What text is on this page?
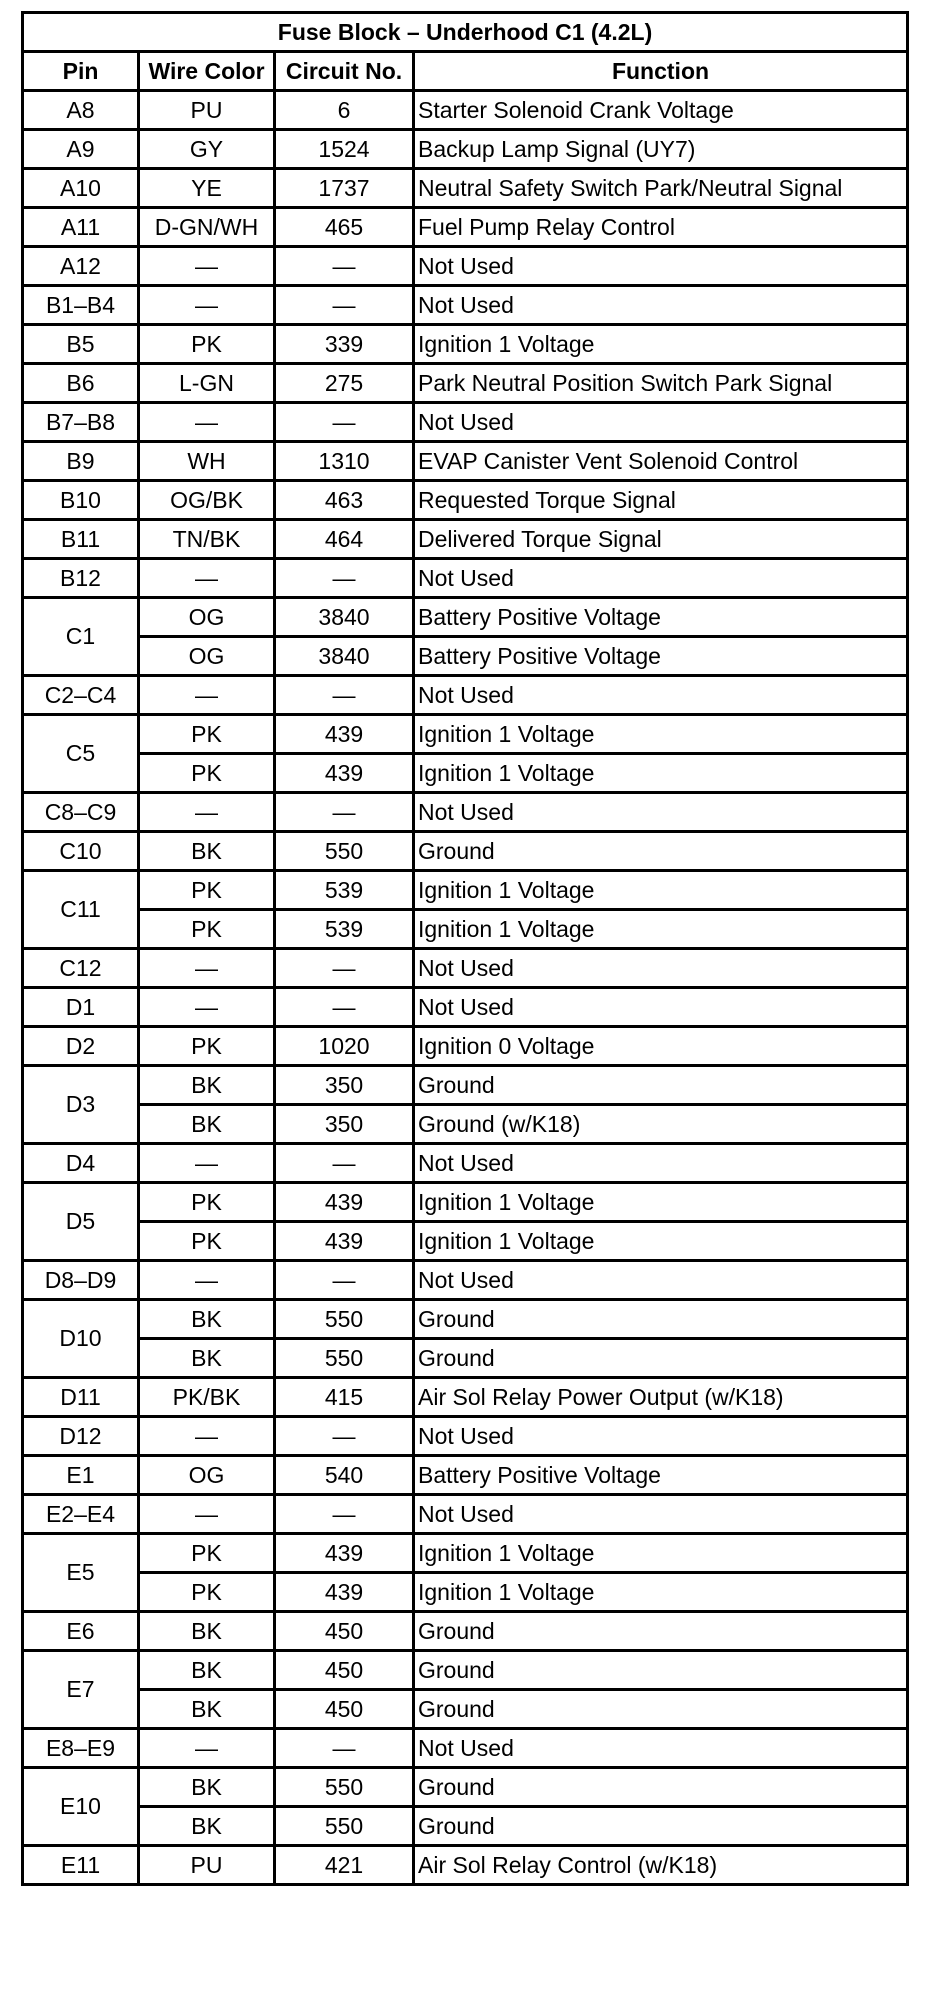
Fuse Block – Underhood C1 (4.2L)			
Pin	Wire Color	Circuit No.	Function
A8	PU	6	Starter Solenoid Crank Voltage
A9	GY	1524	Backup Lamp Signal (UY7)
A10	YE	1737	Neutral Safety Switch Park/Neutral Signal
A11	D-GN/WH	465	Fuel Pump Relay Control
A12	—	—	Not Used
B1–B4	—	—	Not Used
B5	PK	339	Ignition 1 Voltage
B6	L-GN	275	Park Neutral Position Switch Park Signal
B7–B8	—	—	Not Used
B9	WH	1310	EVAP Canister Vent Solenoid Control
B10	OG/BK	463	Requested Torque Signal
B11	TN/BK	464	Delivered Torque Signal
B12	—	—	Not Used
C1	OG	3840	Battery Positive Voltage
	OG	3840	Battery Positive Voltage
C2–C4	—	—	Not Used
C5	PK	439	Ignition 1 Voltage
	PK	439	Ignition 1 Voltage
C8–C9	—	—	Not Used
C10	BK	550	Ground
C11	PK	539	Ignition 1 Voltage
	PK	539	Ignition 1 Voltage
C12	—	—	Not Used
D1	—	—	Not Used
D2	PK	1020	Ignition 0 Voltage
D3	BK	350	Ground
	BK	350	Ground (w/K18)
D4	—	—	Not Used
D5	PK	439	Ignition 1 Voltage
	PK	439	Ignition 1 Voltage
D8–D9	—	—	Not Used
D10	BK	550	Ground
	BK	550	Ground
D11	PK/BK	415	Air Sol Relay Power Output (w/K18)
D12	—	—	Not Used
E1	OG	540	Battery Positive Voltage
E2–E4	—	—	Not Used
E5	PK	439	Ignition 1 Voltage
	PK	439	Ignition 1 Voltage
E6	BK	450	Ground
E7	BK	450	Ground
	BK	450	Ground
E8–E9	—	—	Not Used
E10	BK	550	Ground
	BK	550	Ground
E11	PU	421	Air Sol Relay Control (w/K18)
